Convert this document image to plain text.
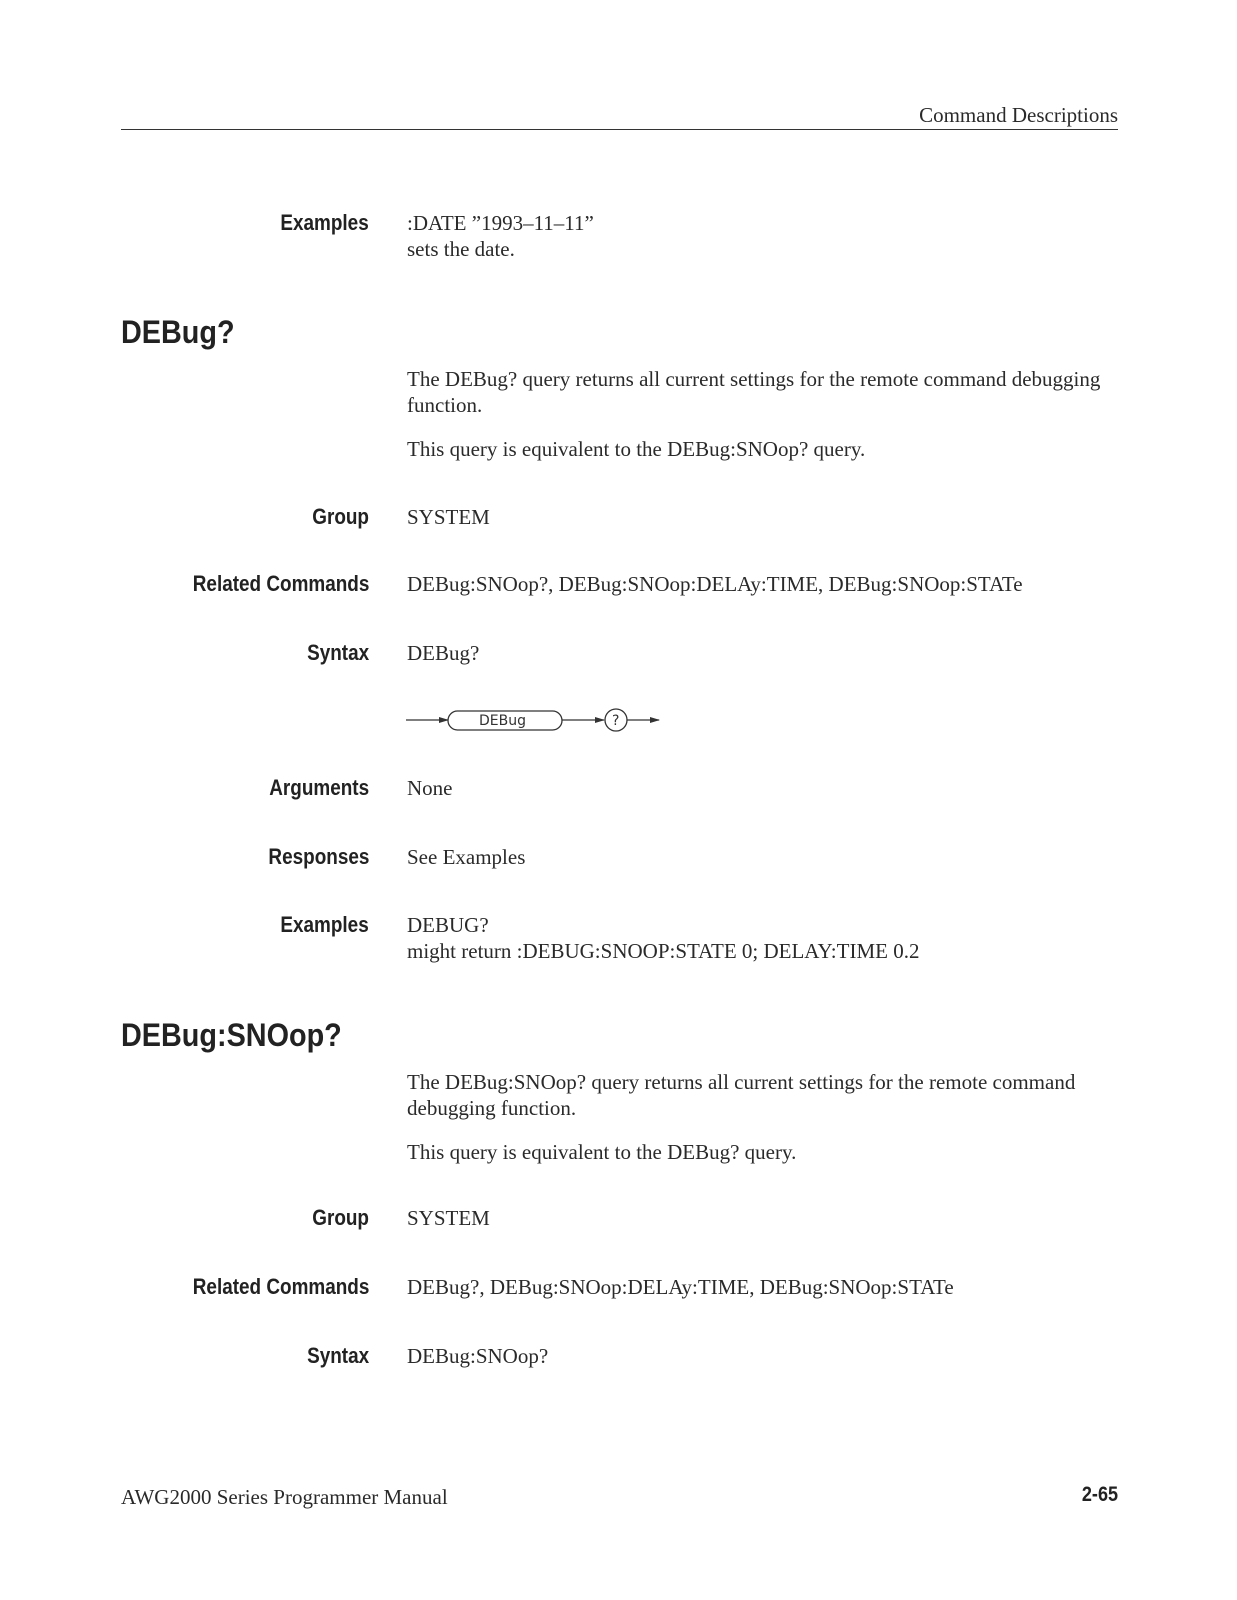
Command Descriptions
Examples :DATE ”1993–11–11”

sets the date.

DEBug?

The DEBug? query returns all current settings for the remote command debugging function.

This query is equivalent to the DEBug:SNOop? query.

Group SYSTEM
Related Commands DEBug:SNOop?, DEBug:SNOop:DELAy:TIME, DEBug:SNOop:STATe
Syntax DEBug?
DEBug	?
Arguments None
Responses See Examples
Examples DEBUG?

might return :DEBUG:SNOOP:STATE 0; DELAY:TIME 0.2

DEBug:SNOop?

The DEBug:SNOop? query returns all current settings for the remote command debugging function.

This query is equivalent to the DEBug? query.

Group SYSTEM
Related Commands DEBug?, DEBug:SNOop:DELAy:TIME, DEBug:SNOop:STATe
Syntax DEBug:SNOop?
AWG2000 Series Programmer Manual	2-65
